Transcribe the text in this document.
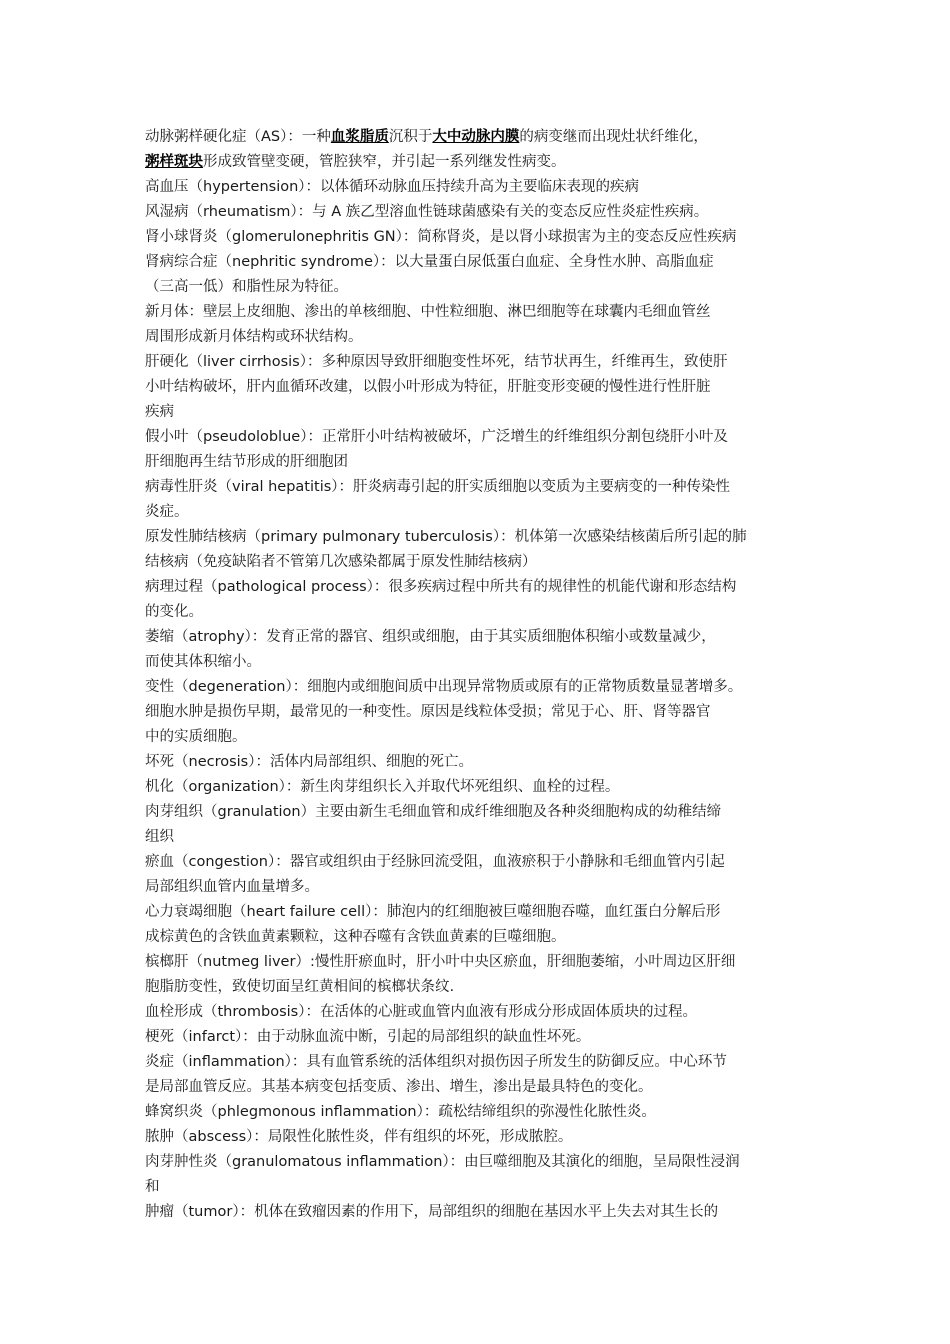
动脉粥样硬化症（AS）：一种血浆脂质沉积于大中动脉内膜的病变继而出现灶状纤维化，
粥样斑块形成致管壁变硬，管腔狭窄，并引起一系列继发性病变。
高血压（hypertension）：以体循环动脉血压持续升高为主要临床表现的疾病
风湿病（rheumatism）：与 A 族乙型溶血性链球菌感染有关的变态反应性炎症性疾病。
肾小球肾炎（glomerulonephritis GN）：简称肾炎，是以肾小球损害为主的变态反应性疾病
肾病综合症（nephritic syndrome）：以大量蛋白尿低蛋白血症、全身性水肿、高脂血症
（三高一低）和脂性尿为特征。
新月体：壁层上皮细胞、渗出的单核细胞、中性粒细胞、淋巴细胞等在球囊内毛细血管丝
周围形成新月体结构或环状结构。
肝硬化（liver cirrhosis）：多种原因导致肝细胞变性坏死，结节状再生，纤维再生，致使肝
小叶结构破坏，肝内血循环改建，以假小叶形成为特征，肝脏变形变硬的慢性进行性肝脏
疾病
假小叶（pseudoloblue）：正常肝小叶结构被破坏，广泛增生的纤维组织分割包绕肝小叶及
肝细胞再生结节形成的肝细胞团
病毒性肝炎（viral hepatitis）：肝炎病毒引起的肝实质细胞以变质为主要病变的一种传染性
炎症。
原发性肺结核病（primary pulmonary tuberculosis）：机体第一次感染结核菌后所引起的肺
结核病（免疫缺陷者不管第几次感染都属于原发性肺结核病）
病理过程（pathological process）：很多疾病过程中所共有的规律性的机能代谢和形态结构
的变化。
萎缩（atrophy）：发育正常的器官、组织或细胞，由于其实质细胞体积缩小或数量减少，
而使其体积缩小。
变性（degeneration）：细胞内或细胞间质中出现异常物质或原有的正常物质数量显著增多。
细胞水肿是损伤早期，最常见的一种变性。原因是线粒体受损；常见于心、肝、肾等器官
中的实质细胞。
坏死（necrosis）：活体内局部组织、细胞的死亡。
机化（organization）：新生肉芽组织长入并取代坏死组织、血栓的过程。
肉芽组织（granulation）主要由新生毛细血管和成纤维细胞及各种炎细胞构成的幼稚结缔
组织
瘀血（congestion）：器官或组织由于经脉回流受阻，血液瘀积于小静脉和毛细血管内引起
局部组织血管内血量增多。
心力衰竭细胞（heart failure cell）：肺泡内的红细胞被巨噬细胞吞噬，血红蛋白分解后形
成棕黄色的含铁血黄素颗粒，这种吞噬有含铁血黄素的巨噬细胞。
槟榔肝（nutmeg liver）:慢性肝瘀血时，肝小叶中央区瘀血，肝细胞萎缩，小叶周边区肝细
胞脂肪变性，致使切面呈红黄相间的槟榔状条纹.
血栓形成（thrombosis）：在活体的心脏或血管内血液有形成分形成固体质块的过程。
梗死（infarct）：由于动脉血流中断，引起的局部组织的缺血性坏死。
炎症（inflammation）：具有血管系统的活体组织对损伤因子所发生的防御反应。中心环节
是局部血管反应。其基本病变包括变质、渗出、增生，渗出是最具特色的变化。
蜂窝织炎（phlegmonous inflammation）：疏松结缔组织的弥漫性化脓性炎。
脓肿（abscess）：局限性化脓性炎，伴有组织的坏死，形成脓腔。
肉芽肿性炎（granulomatous inflammation）：由巨噬细胞及其演化的细胞，呈局限性浸润
和
肿瘤（tumor）：机体在致瘤因素的作用下，局部组织的细胞在基因水平上失去对其生长的
